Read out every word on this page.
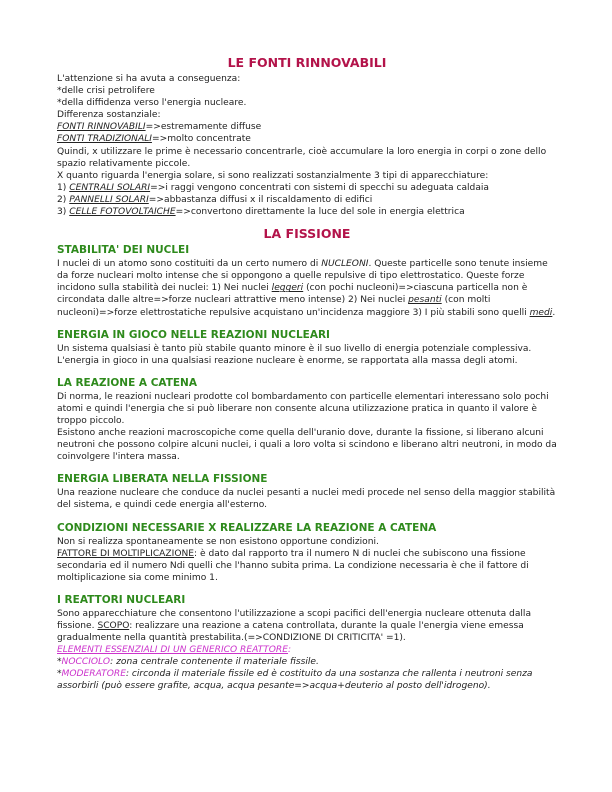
LE FONTI RINNOVABILI

L'attenzione si ha avuta a conseguenza:

*delle crisi petrolifere

*della diffidenza verso l'energia nucleare.

Differenza sostanziale:

FONTI RINNOVABILI=>estremamente diffuse

FONTI TRADIZIONALI=>molto concentrate

Quindi, x utilizzare le prime è necessario concentrarle, cioè accumulare la loro energia in corpi o zone dello spazio relativamente piccole.

X quanto riguarda l'energia solare, si sono realizzati sostanzialmente 3 tipi di apparecchiature:

1) CENTRALI SOLARI=>i raggi vengono concentrati con sistemi di specchi su adeguata caldaia

2) PANNELLI SOLARI=>abbastanza diffusi x il riscaldamento di edifici

3) CELLE FOTOVOLTAICHE=>convertono direttamente la luce del sole in energia elettrica

LA FISSIONE

STABILITA' DEI NUCLEI

I nuclei di un atomo sono costituiti da un certo numero di NUCLEONI. Queste particelle sono tenute insieme da forze nucleari molto intense che si oppongono a quelle repulsive di tipo elettrostatico. Queste forze incidono sulla stabilità dei nuclei: 1) Nei nuclei leggeri (con pochi nucleoni)=>ciascuna particella non è circondata dalle altre=>forze nucleari attrattive meno intense) 2) Nei nuclei pesanti (con molti nucleoni)=>forze elettrostatiche repulsive acquistano un'incidenza maggiore 3) I più stabili sono quelli medi.

ENERGIA IN GIOCO NELLE REAZIONI NUCLEARI

Un sistema qualsiasi è tanto più stabile quanto minore è il suo livello di energia potenziale complessiva. L'energia in gioco in una qualsiasi reazione nucleare è enorme, se rapportata alla massa degli atomi.

LA REAZIONE A CATENA

Di norma, le reazioni nucleari prodotte col bombardamento con particelle elementari interessano solo pochi atomi e quindi l'energia che si può liberare non consente alcuna utilizzazione pratica in quanto il valore è troppo piccolo.

Esistono anche reazioni macroscopiche come quella dell'uranio dove, durante la fissione, si liberano alcuni neutroni che possono colpire alcuni nuclei, i quali a loro volta si scindono e liberano altri neutroni, in modo da coinvolgere l'intera massa.

ENERGIA LIBERATA NELLA FISSIONE

Una reazione nucleare che conduce da nuclei pesanti a nuclei medi procede nel senso della maggior stabilità del sistema, e quindi cede energia all'esterno.

CONDIZIONI NECESSARIE X REALIZZARE LA REAZIONE A CATENA

Non si realizza spontaneamente se non esistono opportune condizioni.

FATTORE DI MOLTIPLICAZIONE: è dato dal rapporto tra il numero N di nuclei che subiscono una fissione secondaria ed il numero Ndi quelli che l'hanno subita prima. La condizione necessaria è che il fattore di moltiplicazione sia come minimo 1.

I REATTORI NUCLEARI

Sono apparecchiature che consentono l'utilizzazione a scopi pacifici dell'energia nucleare ottenuta dalla fissione. SCOPO: realizzare una reazione a catena controllata, durante la quale l'energia viene emessa gradualmente nella quantità prestabilita.(=>CONDIZIONE DI CRITICITA' =1).

ELEMENTI ESSENZIALI DI UN GENERICO REATTORE:

*NOCCIOLO: zona centrale contenente il materiale fissile.

*MODERATORE: circonda il materiale fissile ed è costituito da una sostanza che rallenta i neutroni senza assorbirli (può essere grafite, acqua, acqua pesante=>acqua+deuterio al posto dell'idrogeno).
